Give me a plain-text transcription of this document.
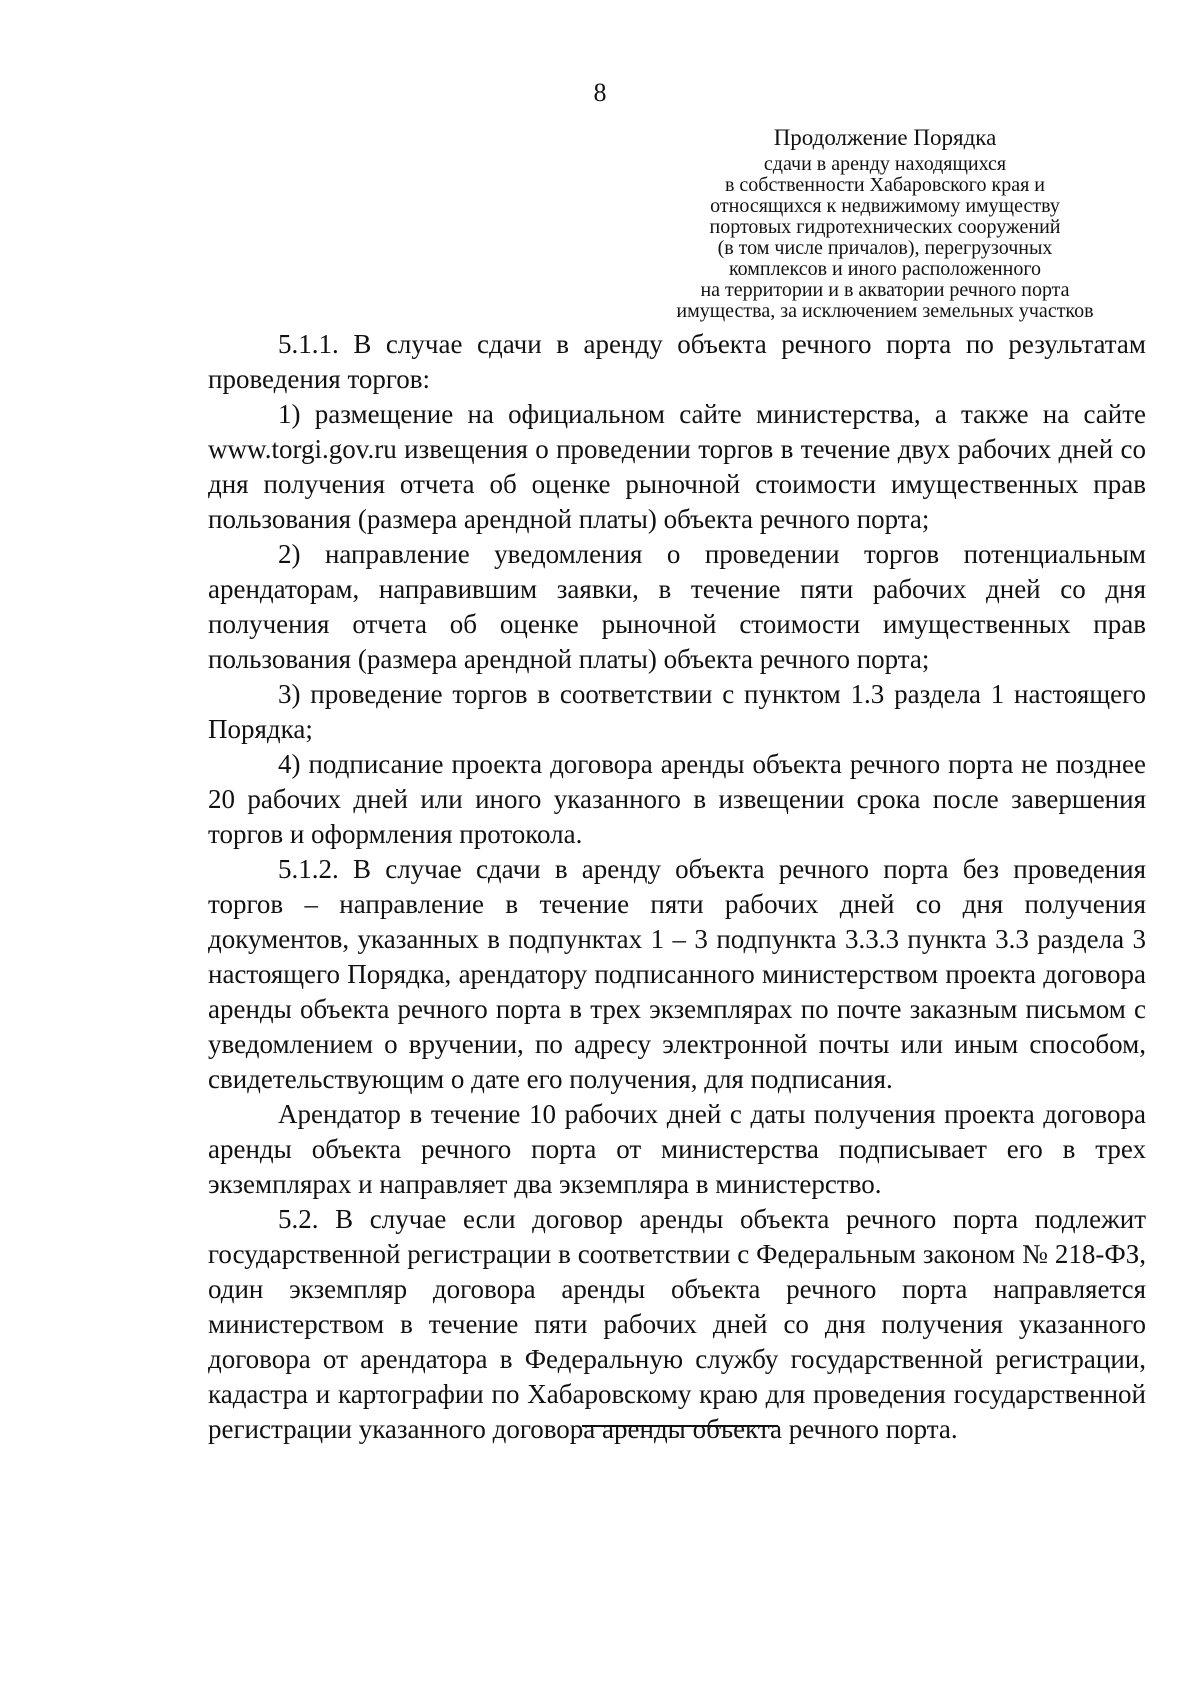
8
Продолжение Порядка
сдачи в аренду находящихся
в собственности Хабаровского края и
относящихся к недвижимому имуществу
портовых гидротехнических сооружений
(в том числе причалов), перегрузочных
комплексов и иного расположенного
на территории и в акватории речного порта
имущества, за исключением земельных участков

5.1.1. В случае сдачи в аренду объекта речного порта по результатам проведения торгов:

1) размещение на официальном сайте министерства, а также на сайте www.torgi.gov.ru извещения о проведении торгов в течение двух рабочих дней со дня получения отчета об оценке рыночной стоимости имущественных прав пользования (размера арендной платы) объекта речного порта;

2) направление уведомления о проведении торгов потенциальным арендаторам, направившим заявки, в течение пяти рабочих дней со дня получения отчета об оценке рыночной стоимости имущественных прав пользования (размера арендной платы) объекта речного порта;

3) проведение торгов в соответствии с пунктом 1.3 раздела 1 настоящего Порядка;

4) подписание проекта договора аренды объекта речного порта не позднее 20 рабочих дней или иного указанного в извещении срока после завершения торгов и оформления протокола.

5.1.2. В случае сдачи в аренду объекта речного порта без проведения торгов – направление в течение пяти рабочих дней со дня получения документов, указанных в подпунктах 1 – 3 подпункта 3.3.3 пункта 3.3 раздела 3 настоящего Порядка, арендатору подписанного министерством проекта договора аренды объекта речного порта в трех экземплярах по почте заказным письмом с уведомлением о вручении, по адресу электронной почты или иным способом, свидетельствующим о дате его получения, для подписания.

Арендатор в течение 10 рабочих дней с даты получения проекта договора аренды объекта речного порта от министерства подписывает его в трех экземплярах и направляет два экземпляра в министерство.

5.2. В случае если договор аренды объекта речного порта подлежит государственной регистрации в соответствии с Федеральным законом № 218-ФЗ, один экземпляр договора аренды объекта речного порта направляется министерством в течение пяти рабочих дней со дня получения указанного договора от арендатора в Федеральную службу государственной регистрации, кадастра и картографии по Хабаровскому краю для проведения государственной регистрации указанного договора аренды объекта речного порта.
